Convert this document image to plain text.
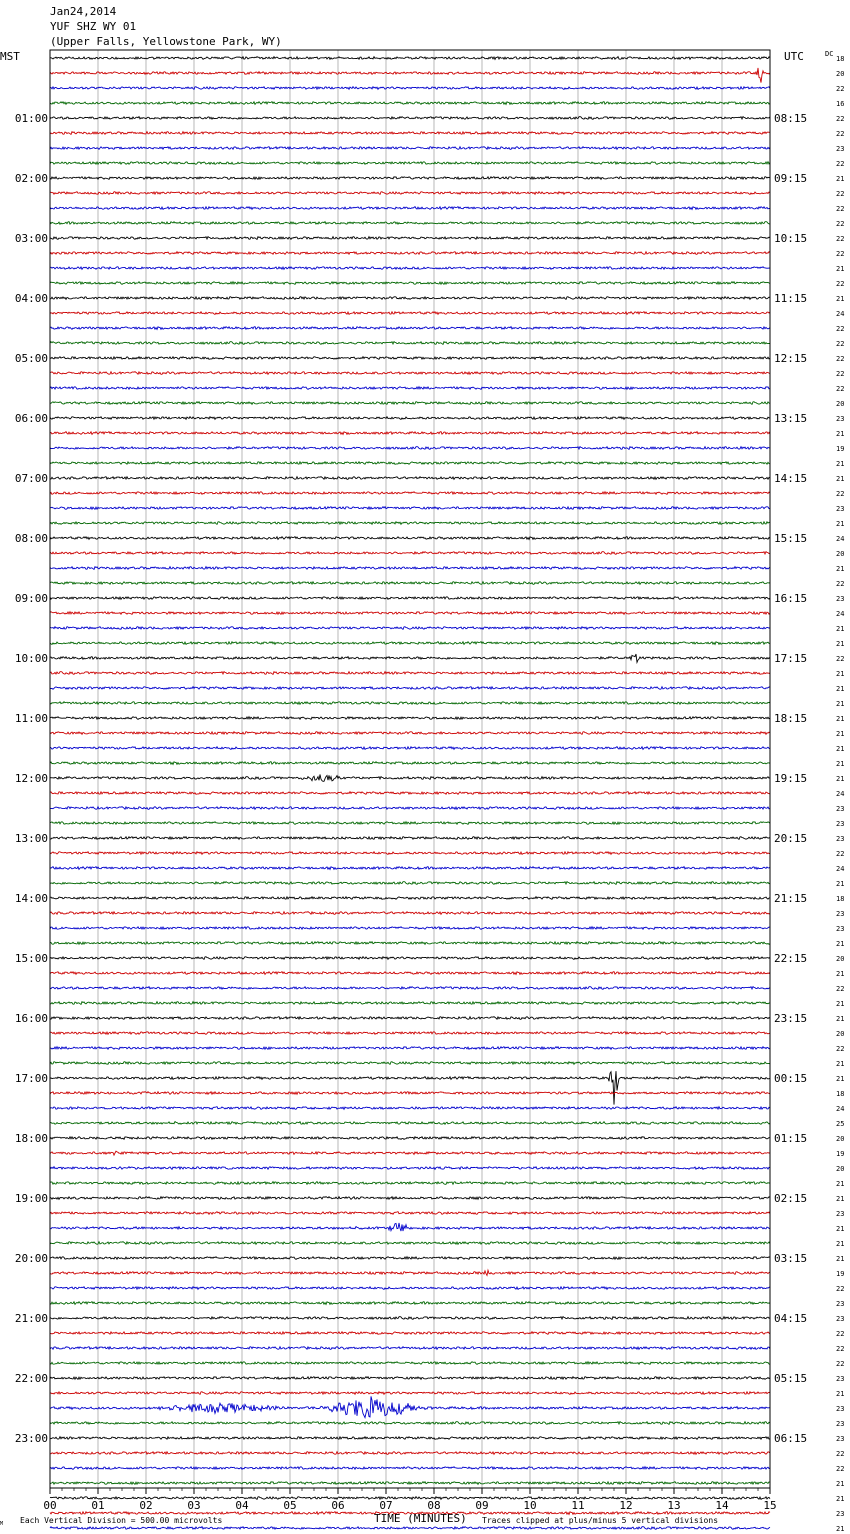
Jan24,2014
YUF SHZ WY 01
(Upper Falls, Yellowstone Park, WY)
00	01	02	03	04	05	06	07	08	09	10	11	12	13	14	15
01:00
02:00
03:00
04:00
05:00
06:00
07:00
08:00
09:00
10:00
11:00
12:00
13:00
14:00
15:00
16:00
17:00
18:00
19:00
20:00
21:00
22:00
23:00
08:15
09:15
10:15
11:15
12:15
13:15
14:15
15:15
16:15
17:15
18:15
19:15
20:15
21:15
22:15
23:15
00:15
01:15
02:15
03:15
04:15
05:15
06:15
18
20
22
16
22
22
23
22
21
22
22
22
22
22
21
22
21
24
22
22
22
22
22
20
23
21
19
21
21
22
23
21
24
20
21
22
23
24
21
21
22
21
21
21
21
21
21
21
21
24
23
23
23
22
24
21
18
23
23
21
20
21
22
21
21
20
22
21
21
18
24
25
20
19
20
21
21
23
21
21
21
19
22
23
23
22
22
22
23
21
23
23
23
22
22
21
21
23
21
MST	UTC	DC
M Each Vertical Division = 500.00 microvolts	TIME (MINUTES) Traces clipped at plus/minus 5 vertical divisions
